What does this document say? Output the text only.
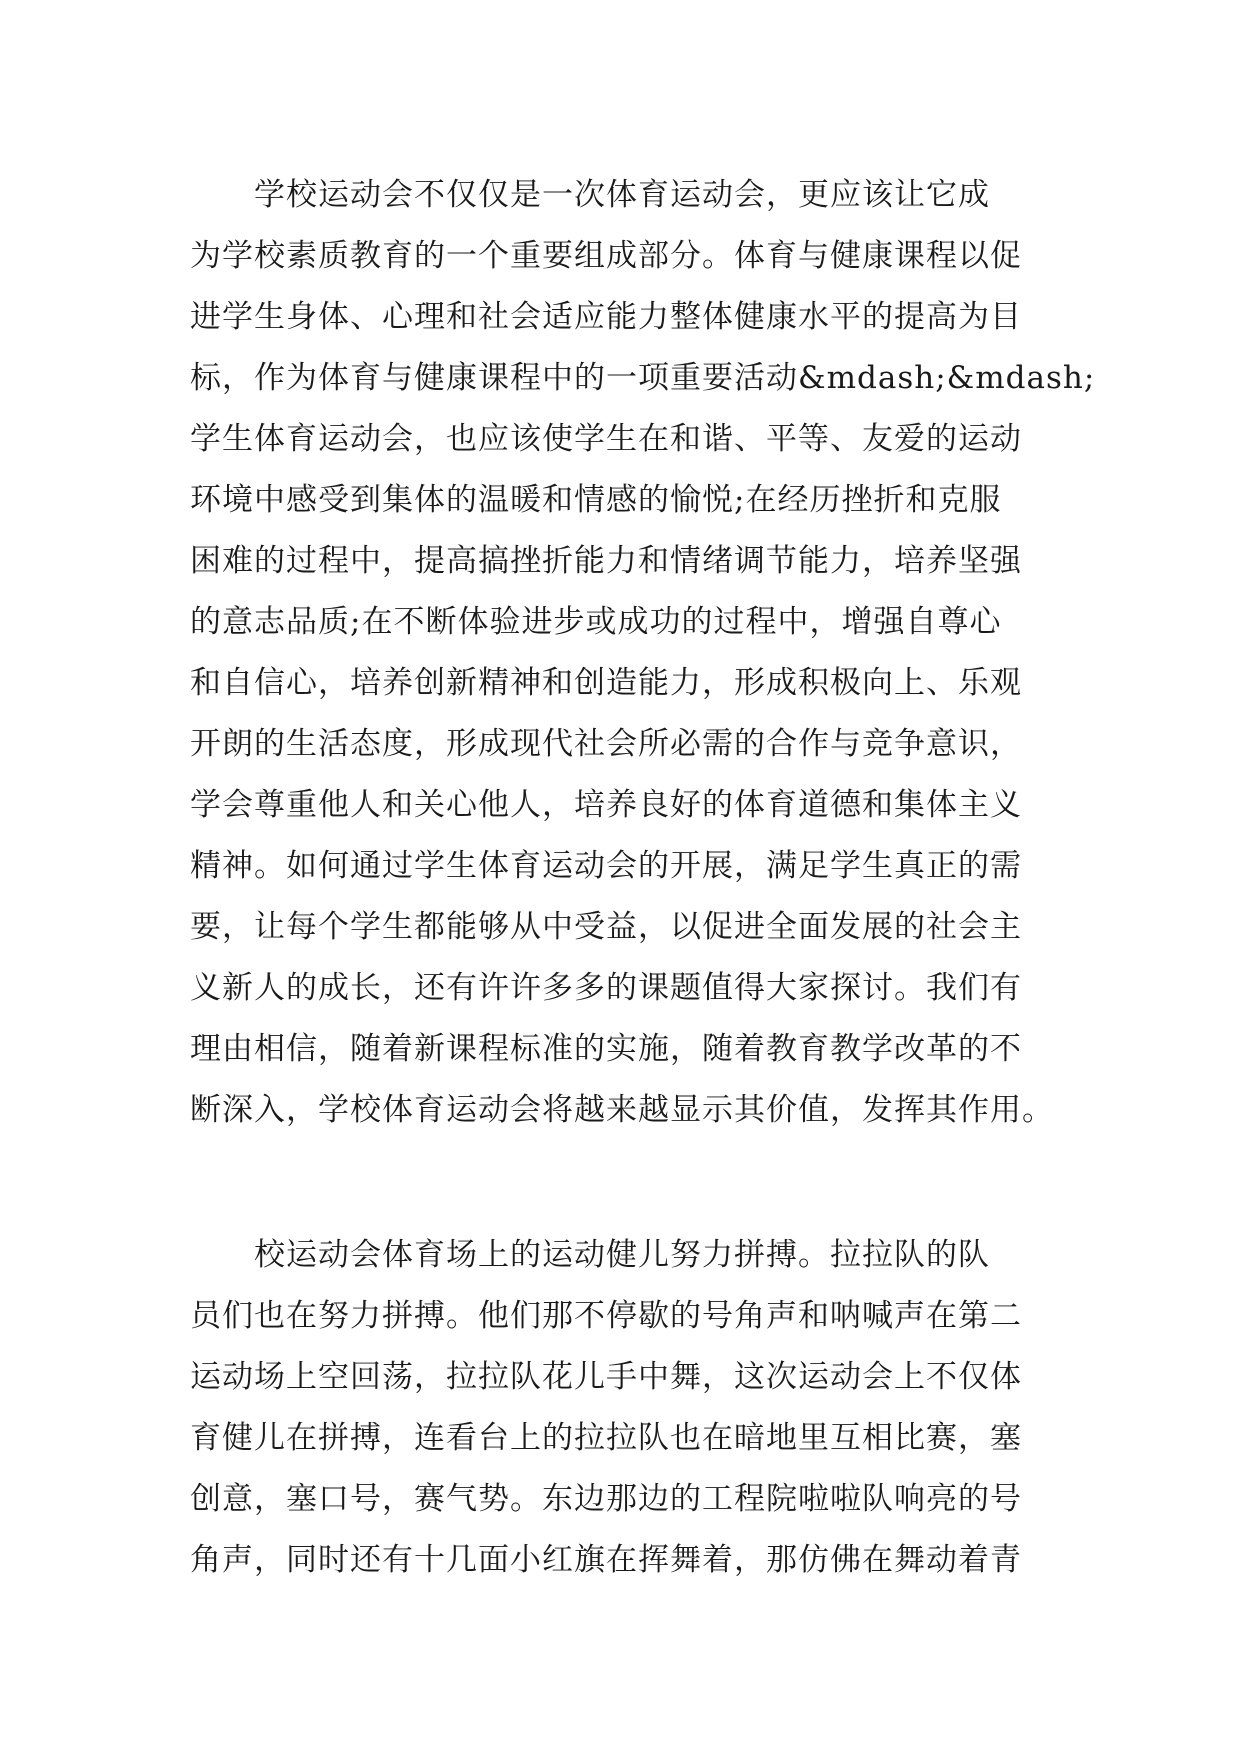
　　学校运动会不仅仅是一次体育运动会，更应该让它成
为学校素质教育的一个重要组成部分。体育与健康课程以促
进学生身体、心理和社会适应能力整体健康水平的提高为目
标，作为体育与健康课程中的一项重要活动&mdash;&mdash;
学生体育运动会，也应该使学生在和谐、平等、友爱的运动
环境中感受到集体的温暖和情感的愉悦;在经历挫折和克服
困难的过程中，提高搞挫折能力和情绪调节能力，培养坚强
的意志品质;在不断体验进步或成功的过程中，增强自尊心
和自信心，培养创新精神和创造能力，形成积极向上、乐观
开朗的生活态度，形成现代社会所必需的合作与竞争意识，
学会尊重他人和关心他人，培养良好的体育道德和集体主义
精神。如何通过学生体育运动会的开展，满足学生真正的需
要，让每个学生都能够从中受益，以促进全面发展的社会主
义新人的成长，还有许许多多的课题值得大家探讨。我们有
理由相信，随着新课程标准的实施，随着教育教学改革的不
断深入，学校体育运动会将越来越显示其价值，发挥其作用。
　　校运动会体育场上的运动健儿努力拼搏。拉拉队的队
员们也在努力拼搏。他们那不停歇的号角声和呐喊声在第二
运动场上空回荡，拉拉队花儿手中舞，这次运动会上不仅体
育健儿在拼搏，连看台上的拉拉队也在暗地里互相比赛，塞
创意，塞口号，赛气势。东边那边的工程院啦啦队响亮的号
角声，同时还有十几面小红旗在挥舞着，那仿佛在舞动着青
